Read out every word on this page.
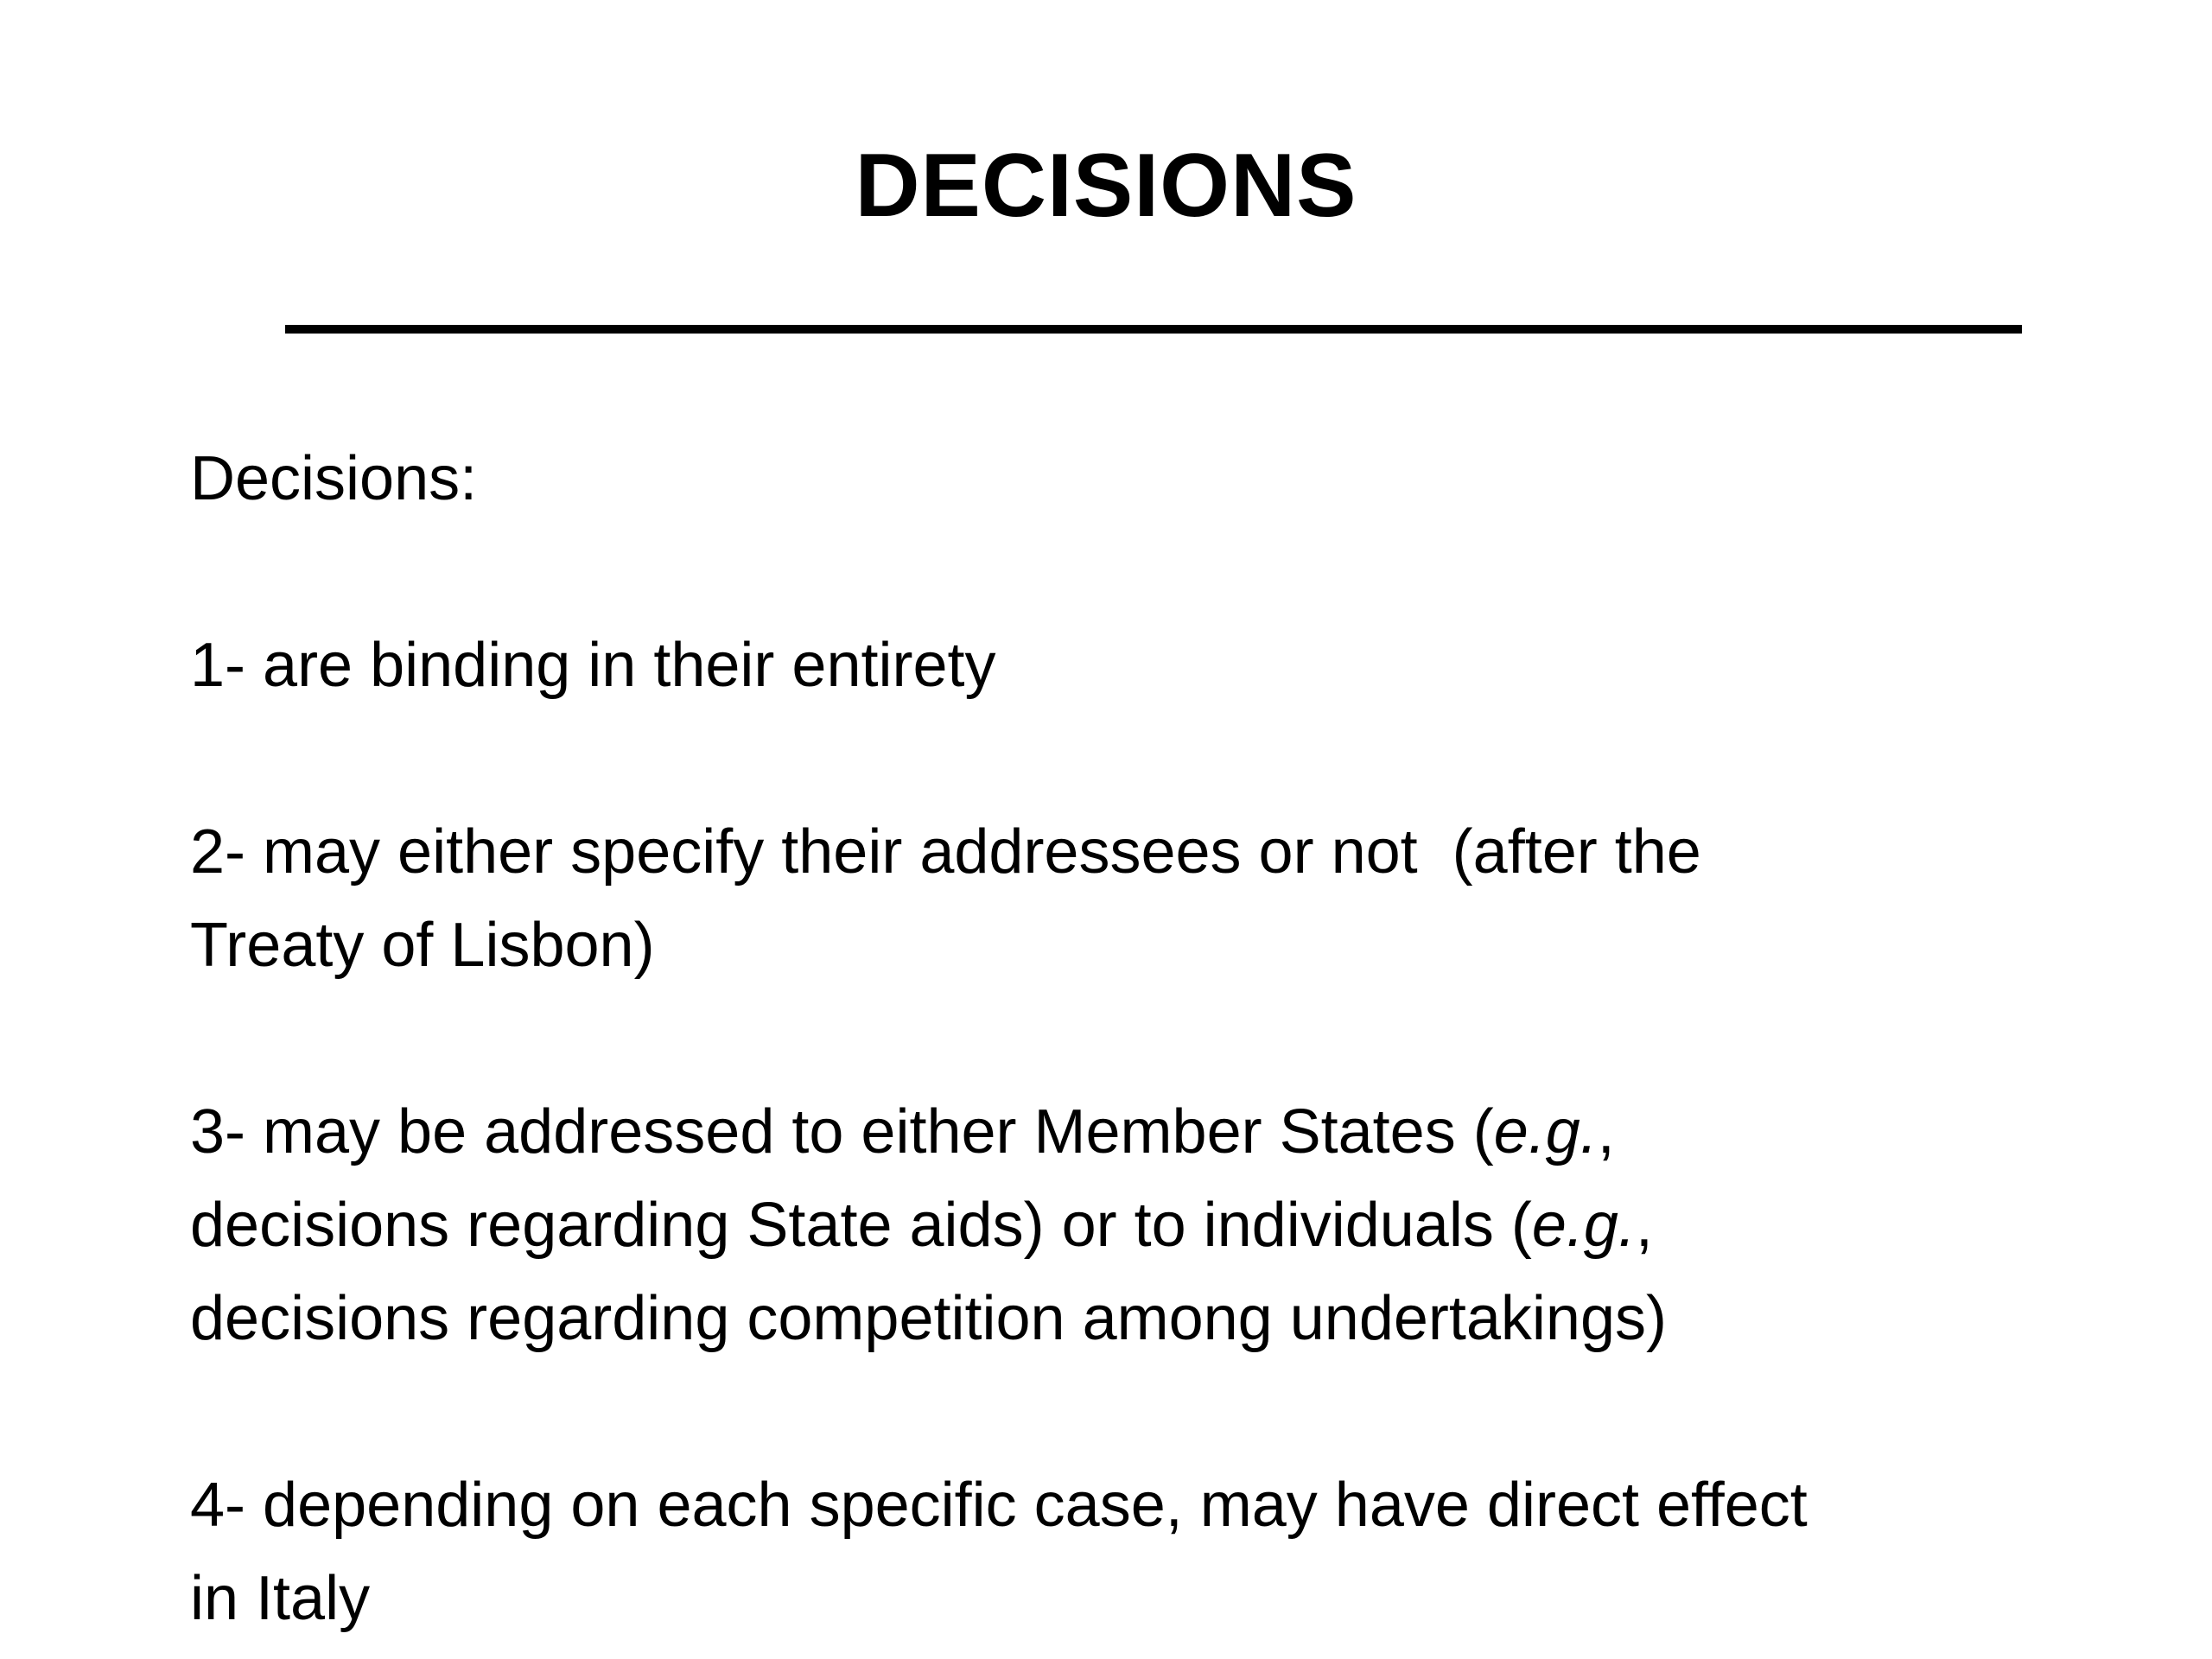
DECISIONS

Decisions:

1- are binding in their entirety

2- may either specify their addressees or not  (after the
Treaty of Lisbon)

3- may be addressed to either Member States (e.g.,
decisions regarding State aids) or to individuals (e.g.,
decisions regarding competition among undertakings)

4- depending on each specific case, may have direct effect
in Italy
